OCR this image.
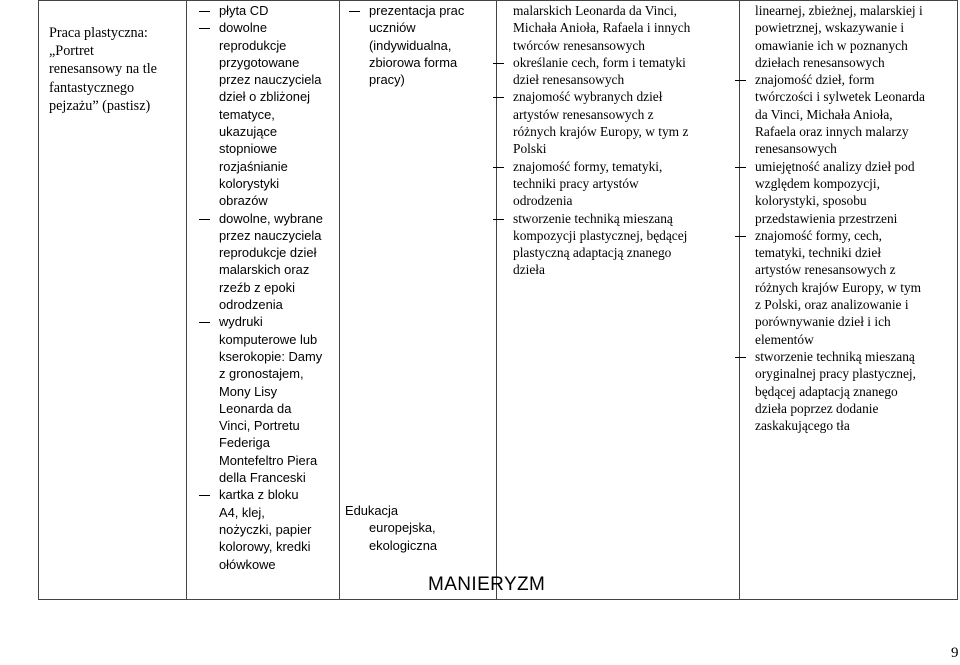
Praca plastyczna:
„Portret
renesansowy na tle
fantastycznego
pejzażu” (pastisz)

płyta CD
dowolne
reprodukcje
przygotowane
przez nauczyciela
dzieł o zbliżonej
tematyce,
ukazujące
stopniowe
rozjaśnianie
kolorystyki
obrazów
dowolne, wybrane
przez nauczyciela
reprodukcje dzieł
malarskich oraz
rzeźb z epoki
odrodzenia
wydruki
komputerowe lub
kserokopie: Damy
z gronostajem,
Mony Lisy
Leonarda da
Vinci, Portretu
Federiga
Montefeltro Piera
della Franceski
kartka z bloku
A4, klej,
nożyczki, papier
kolorowy, kredki
ołówkowe
prezentacja prac
uczniów
(indywidualna,
zbiorowa forma
pracy)
Edukacja
europejska,
ekologiczna
malarskich Leonarda da Vinci,
Michała Anioła, Rafaela i innych
twórców renesansowych
określanie cech, form i tematyki
dzieł renesansowych
znajomość wybranych dzieł
artystów renesansowych z
różnych krajów Europy, w tym z
Polski
znajomość formy, tematyki,
techniki pracy artystów
odrodzenia
stworzenie techniką mieszaną
kompozycji plastycznej, będącej
plastyczną adaptacją znanego
dzieła
linearnej, zbieżnej, malarskiej i
powietrznej, wskazywanie i
omawianie ich w poznanych
dziełach renesansowych
znajomość dzieł, form
twórczości i sylwetek Leonarda
da Vinci, Michała Anioła,
Rafaela oraz innych malarzy
renesansowych
umiejętność analizy dzieł pod
względem kompozycji,
kolorystyki, sposobu
przedstawienia przestrzeni
znajomość formy, cech,
tematyki, techniki dzieł
artystów renesansowych z
różnych krajów Europy, w tym
z Polski, oraz analizowanie i
porównywanie dzieł i ich
elementów
stworzenie techniką mieszaną
oryginalnej pracy plastycznej,
będącej adaptacją znanego
dzieła poprzez dodanie
zaskakującego tła
MANIERYZM
9
